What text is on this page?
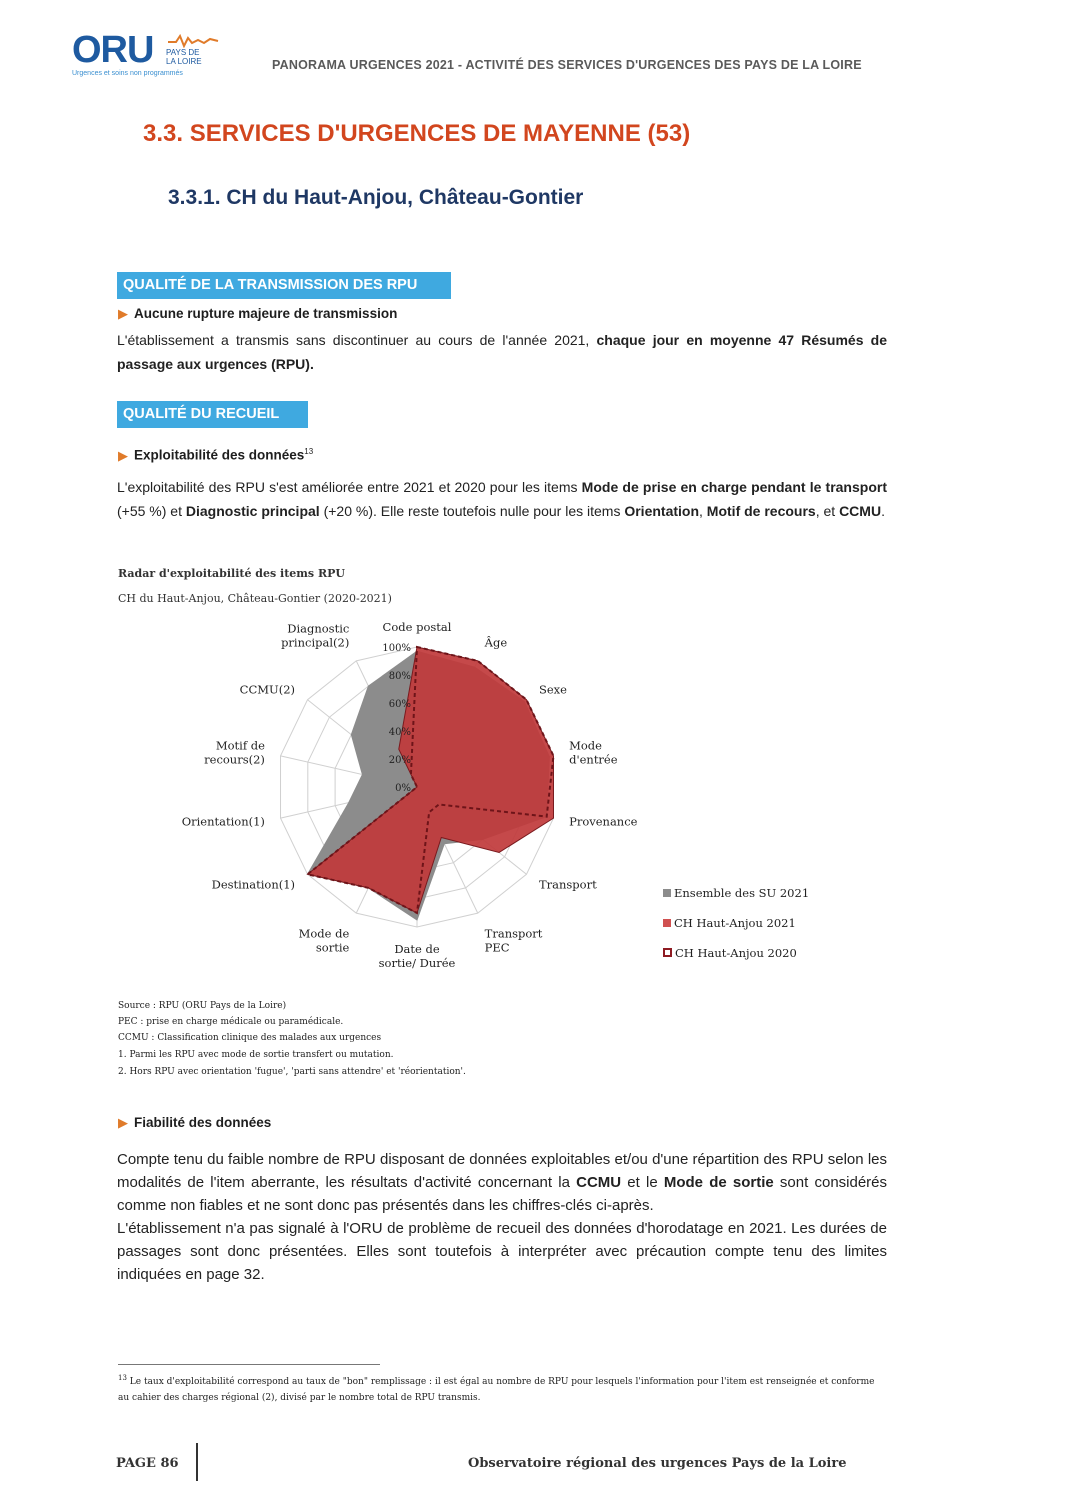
ORU PAYS DE LA LOIRE
Urgences et soins non programmés
PANORAMA URGENCES 2021 - ACTIVITÉ DES SERVICES D'URGENCES DES PAYS DE LA LOIRE
3.3. SERVICES D'URGENCES DE MAYENNE (53)
3.3.1. CH du Haut-Anjou, Château-Gontier
QUALITÉ DE LA TRANSMISSION DES RPU
▶ Aucune rupture majeure de transmission
L'établissement a transmis sans discontinuer au cours de l'année 2021, chaque jour en moyenne 47 Résumés de passage aux urgences (RPU).
QUALITÉ DU RECUEIL
▶ Exploitabilité des données$^{13}$
L'exploitabilité des RPU s'est améliorée entre 2021 et 2020 pour les items Mode de prise en charge pendant le transport (+55 %) et Diagnostic principal (+20 %). Elle reste toutefois nulle pour les items Orientation, Motif de recours, et CCMU.
Radar d'exploitabilité des items RPU
CH du Haut-Anjou, Château-Gontier (2020-2021)
0%
20%
40%
60%
80%
100%
Code postal
Âge
Sexe
Mode d'entrée
Provenance
Transport
Transport PEC
Date de sortie/ Durée
Mode de sortie
Destination(1)
Orientation(1)
Motif de recours(2)
CCMU(2)
Diagnostic principal(2)
Ensemble des SU 2021
CH Haut-Anjou 2021
CH Haut-Anjou 2020
Source : RPU (ORU Pays de la Loire)
PEC : prise en charge médicale ou paramédicale.
CCMU : Classification clinique des malades aux urgences
1. Parmi les RPU avec mode de sortie transfert ou mutation.
2. Hors RPU avec orientation 'fugue', 'parti sans attendre' et 'réorientation'.
▶ Fiabilité des données
Compte tenu du faible nombre de RPU disposant de données exploitables et/ou d'une répartition des RPU selon les modalités de l'item aberrante, les résultats d'activité concernant la CCMU et le Mode de sortie sont considérés comme non fiables et ne sont donc pas présentés dans les chiffres-clés ci-après.
L'établissement n'a pas signalé à l'ORU de problème de recueil des données d'horodatage en 2021. Les durées de passages sont donc présentées. Elles sont toutefois à interpréter avec précaution compte tenu des limites indiquées en page 32.
$^{13}$ Le taux d'exploitabilité correspond au taux de "bon" remplissage : il est égal au nombre de RPU pour lesquels l'information pour l'item est renseignée et conforme au cahier des charges régional (2), divisé par le nombre total de RPU transmis.
PAGE 86	Observatoire régional des urgences Pays de la Loire
